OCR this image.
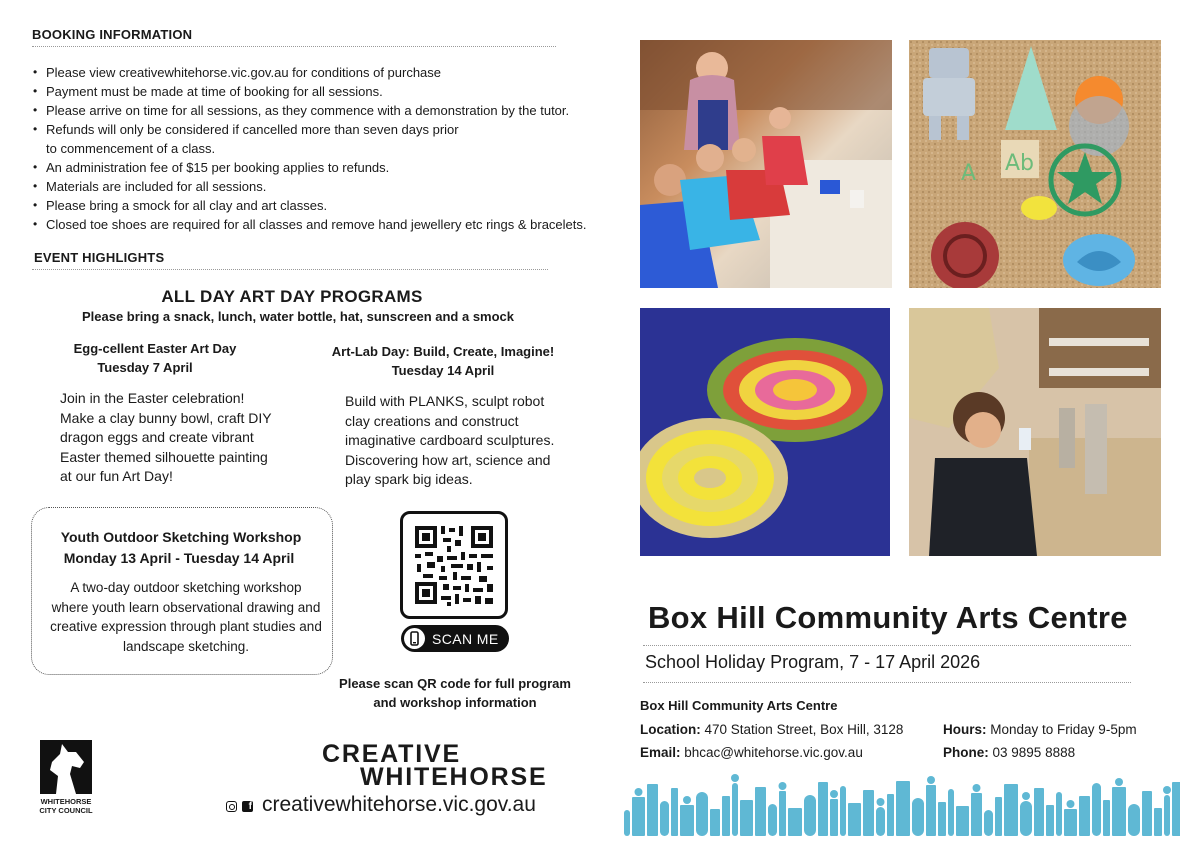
BOOKING INFORMATION
• Please view creativewhitehorse.vic.gov.au for conditions of purchase
• Payment must be made at time of booking for all sessions.
• Please arrive on time for all sessions, as they commence with a demonstration by the tutor.
• Refunds will only be considered if cancelled more than seven days prior
to commencement of a class.
• An administration fee of $15 per booking applies to refunds.
• Materials are included for all sessions.
• Please bring a smock for all clay and art classes.
• Closed toe shoes are required for all classes and remove hand jewellery etc rings & bracelets.
EVENT HIGHLIGHTS
ALL DAY ART DAY PROGRAMS
Please bring a snack, lunch, water bottle, hat, sunscreen and a smock
Egg-cellent Easter Art Day
Tuesday 7 April
Join in the Easter celebration!
Make a clay bunny bowl, craft DIY
dragon eggs and create vibrant
Easter themed silhouette painting
at our fun Art Day!
Art-Lab Day: Build, Create, Imagine!
Tuesday 14 April
Build with PLANKS, sculpt robot
clay creations and construct
imaginative cardboard sculptures.
Discovering how art, science and
play spark big ideas.
Youth Outdoor Sketching Workshop
Monday 13 April - Tuesday 14 April
A two-day outdoor sketching workshop
where youth learn observational drawing and
creative expression through plant studies and
landscape sketching.	SCAN ME
Please scan QR code for full program
and workshop information
WHITEHORSE
CITY COUNCIL
CREATIVE
WHITEHORSE
f creativewhitehorse.vic.gov.au
Ab
A
Box Hill Community Arts Centre
School Holiday Program, 7 - 17 April 2026
Box Hill Community Arts Centre
Location: 470 Station Street, Box Hill, 3128	Hours: Monday to Friday 9-5pm
Email: bhcac@whitehorse.vic.gov.au	Phone: 03 9895 8888
